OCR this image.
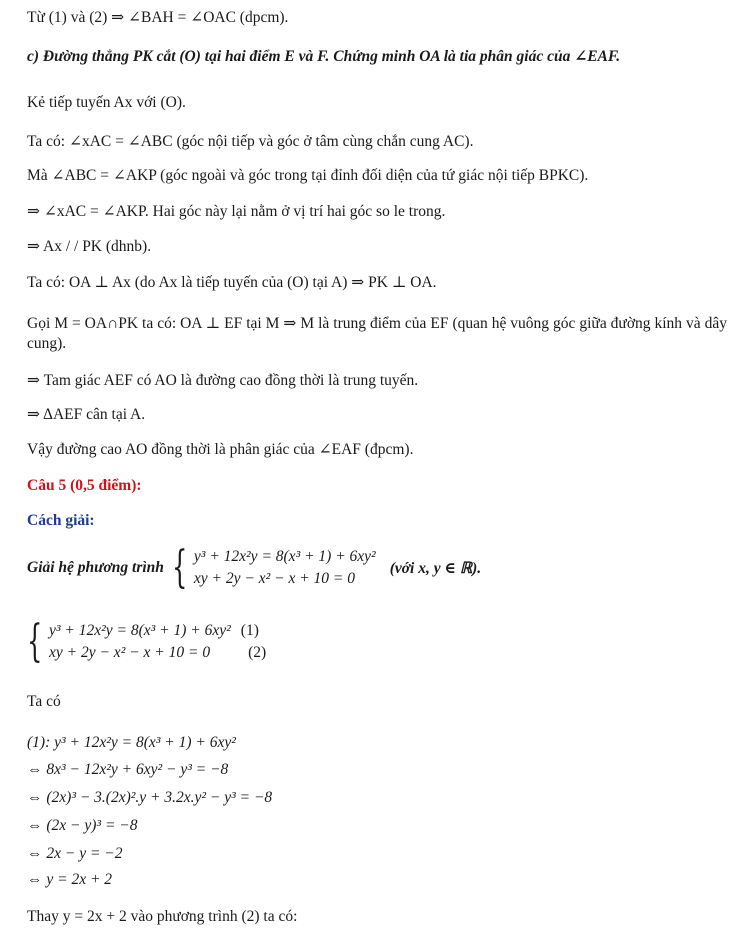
Từ (1) và (2) ⇒ ∠BAH = ∠OAC (dpcm).
c) Đường thẳng PK cắt (O) tại hai điểm E và F. Chứng minh OA là tia phân giác của ∠EAF.
Kẻ tiếp tuyến Ax với (O).
Ta có: ∠xAC = ∠ABC (góc nội tiếp và góc ở tâm cùng chắn cung AC).
Mà ∠ABC = ∠AKP (góc ngoài và góc trong tại đỉnh đối diện của tứ giác nội tiếp BPKC).
⇒ ∠xAC = ∠AKP. Hai góc này lại nằm ở vị trí hai góc so le trong.
⇒ Ax / / PK (dhnb).
Ta có: OA ⊥ Ax (do Ax là tiếp tuyến của (O) tại A) ⇒ PK ⊥ OA.
Gọi M = OA∩PK ta có: OA ⊥ EF tại M ⇒ M là trung điểm của EF (quan hệ vuông góc giữa đường kính và dây cung).
⇒ Tam giác AEF có AO là đường cao đồng thời là trung tuyến.
⇒ ΔAEF cân tại A.
Vậy đường cao AO đồng thời là phân giác của ∠EAF (đpcm).
Câu 5 (0,5 điểm):
Cách giải:
Giải hệ phương trình { y³ + 12x²y = 8(x³ + 1) + 6xy²
xy + 2y − x² − x + 10 = 0
(với x, y ∈ ℝ).
{ y³ + 12x²y = 8(x³ + 1) + 6xy² (1)
xy + 2y − x² − x + 10 = 0 (2)
Ta có
(1): y³ + 12x²y = 8(x³ + 1) + 6xy²
⇔ 8x³ − 12x²y + 6xy² − y³ = −8
⇔ (2x)³ − 3.(2x)².y + 3.2x.y² − y³ = −8
⇔ (2x − y)³ = −8
⇔ 2x − y = −2
⇔ y = 2x + 2
Thay y = 2x + 2 vào phương trình (2) ta có:
